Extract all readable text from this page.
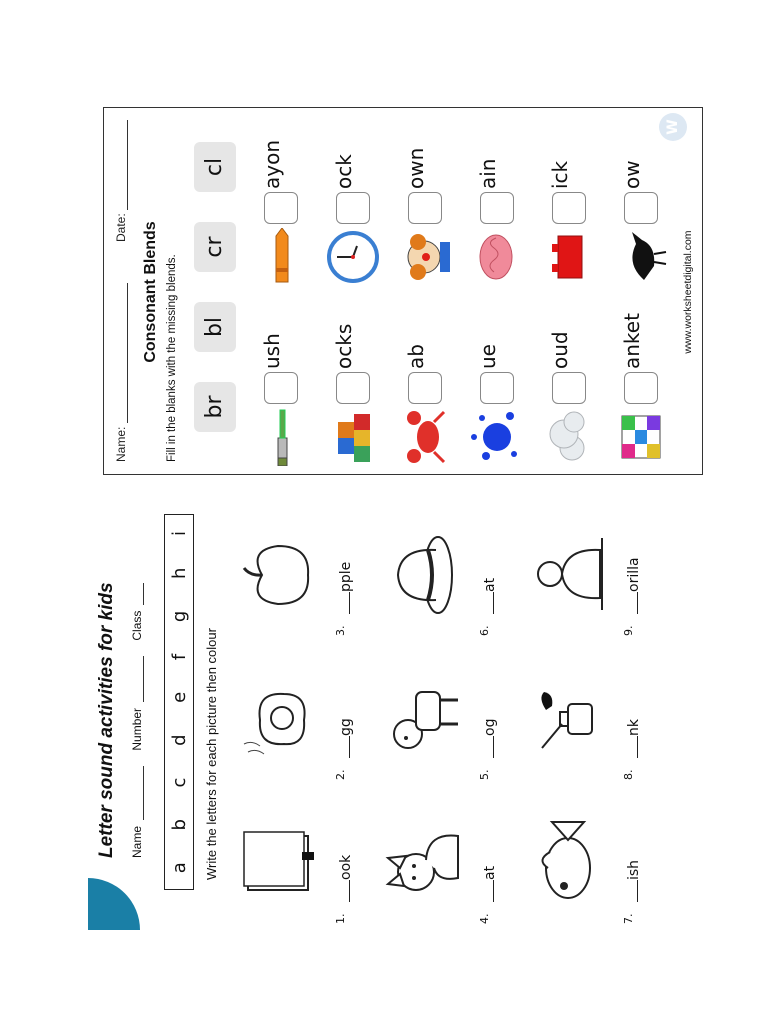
Name:
Date: Consonant Blends Fill in the blanks with the missing blends.	br
bl
cr
cl
ush
ayon
ocks
ock
ab
own
ue
ain
oud
ick
anket
ow
www.worksheetdigital.com
W
Letter sound activities for kids Name Number Class
a
b
c
d
e
f
g
h
i
Write the letters for each picture then colour
1.
ook
2.
gg
3.
pple
4.
at
5.
og
6.
at
7.
ish
8.
nk
9.
orilla
